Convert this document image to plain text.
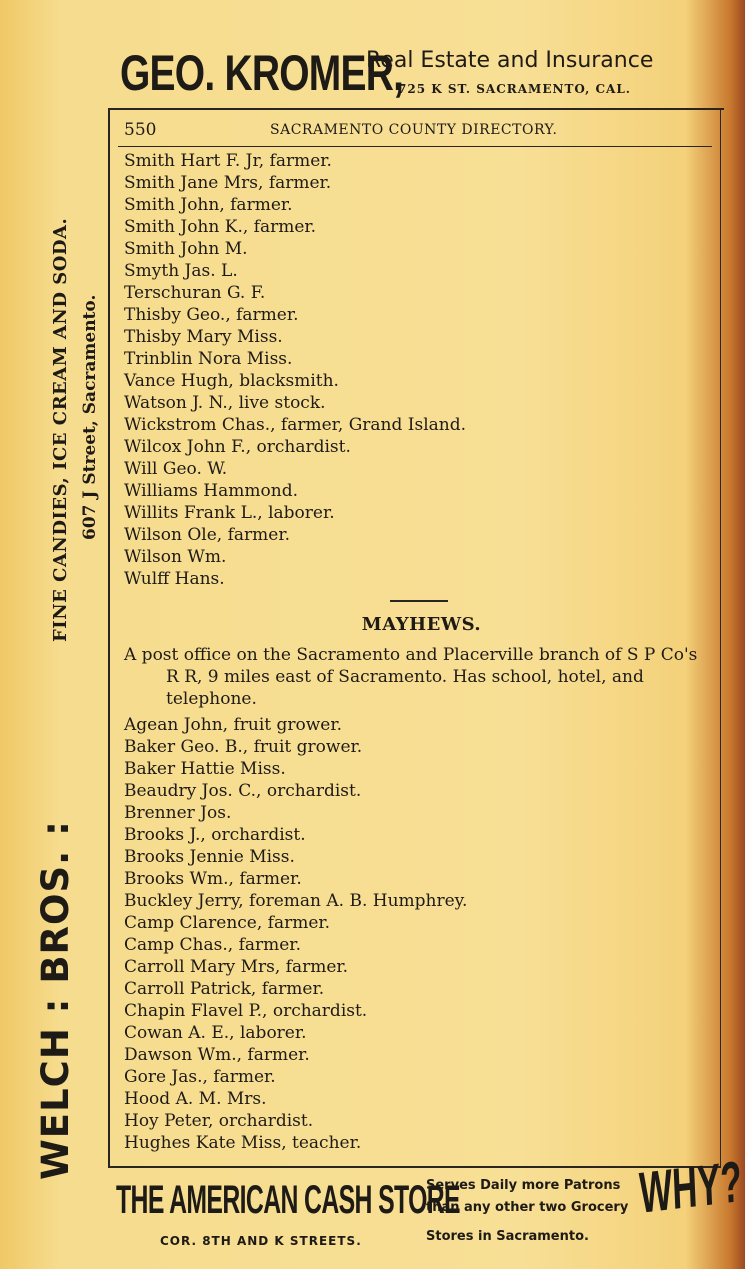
GEO. KROMER,
Real Estate and Insurance
725 K ST. SACRAMENTO, CAL.
550	SACRAMENTO COUNTY DIRECTORY.
WELCH : BROS. :
FINE CANDIES, ICE CREAM AND SODA. 607 J Street, Sacramento.
Smith Hart F. Jr, farmer.
Smith Jane Mrs, farmer.
Smith John, farmer.
Smith John K., farmer.
Smith John M.
Smyth Jas. L.
Terschuran G. F.
Thisby Geo., farmer.
Thisby Mary Miss.
Trinblin Nora Miss.
Vance Hugh, blacksmith.
Watson J. N., live stock.
Wickstrom Chas., farmer, Grand Island.
Wilcox John F., orchardist.
Will Geo. W.
Williams Hammond.
Willits Frank L., laborer.
Wilson Ole, farmer.
Wilson Wm.
Wulff Hans.
MAYHEWS.
A post office on the Sacramento and Placerville branch of S P Co's R R, 9 miles east of Sacramento. Has school, hotel, and telephone.
Agean John, fruit grower.
Baker Geo. B., fruit grower.
Baker Hattie Miss.
Beaudry Jos. C., orchardist.
Brenner Jos.
Brooks J., orchardist.
Brooks Jennie Miss.
Brooks Wm., farmer.
Buckley Jerry, foreman A. B. Humphrey.
Camp Clarence, farmer.
Camp Chas., farmer.
Carroll Mary Mrs, farmer.
Carroll Patrick, farmer.
Chapin Flavel P., orchardist.
Cowan A. E., laborer.
Dawson Wm., farmer.
Gore Jas., farmer.
Hood A. M. Mrs.
Hoy Peter, orchardist.
Hughes Kate Miss, teacher.
THE AMERICAN CASH STORE
COR. 8TH AND K STREETS.
Serves Daily more Patrons
than any other two Grocery
Stores in Sacramento.
WHY?
